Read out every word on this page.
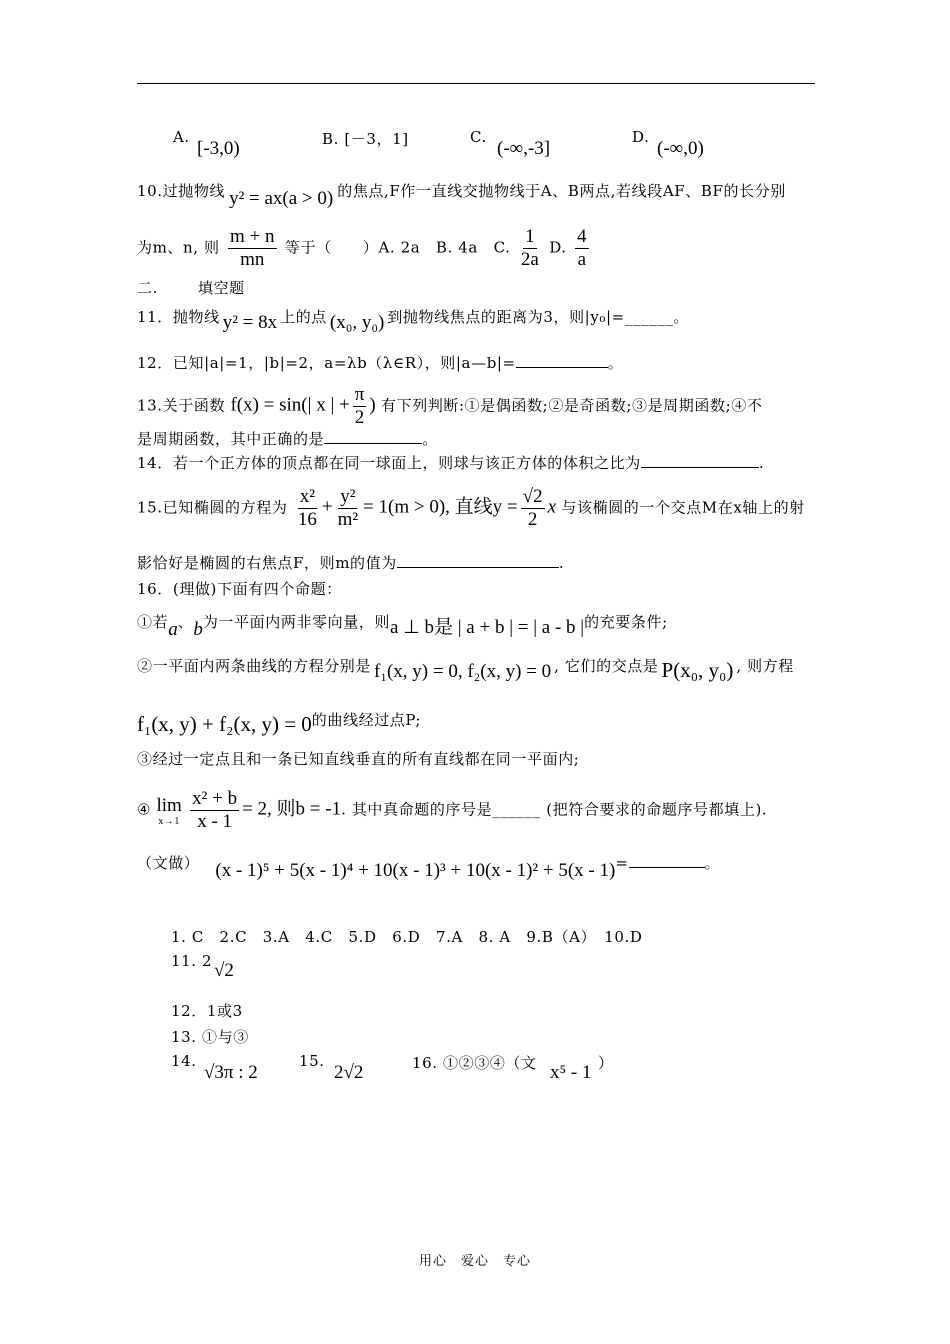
A.
[-3,0)	B. [－3，1]	C.
(-∞,-3]
D.
(-∞,0)
10.过抛物线 y² = ax(a > 0) 的焦点,F作一直线交抛物线于A、B两点,若线段AF、BF的长分别
为m、n, 则 $\frac{m + n}{mn}$ 等于（　　）A. 2a　B. 4a　C. $\frac{1}{2a} D$. $\frac{4}{a}$
二.	填空题
11．抛物线 y² = 8x 上的点 (x₀, y₀) 到抛物线焦点的距离为3，则|y₀|=______。
12．已知|a|=1，|b|=2，a=λb（λ∈R），则|a—b|=	。
13.关于函数 f(x) = sin(| x | + $\frac{\pi}{2}$ ) 有下列判断:①是偶函数;②是奇函数;③是周期函数;④不
是周期函数，其中正确的是	。
14．若一个正方体的顶点都在同一球面上，则球与该正方体的体积之比为	.
15.已知椭圆的方程为 $\frac{\text{x²}}{16} + \frac{\text{y²}}{\text{m²}} = 1(m > 0)$, 直线$y = \frac{√2}{2}$ x 与该椭圆的一个交点M在x轴上的射
影恰好是椭圆的右焦点F，则m的值为	.
16．(理做)下面有四个命题：
①若a、b为一平面内两非零向量，则a ⊥ b是 | a + b | = | a - b |的充要条件;
②一平面内两条曲线的方程分别是 f₁(x, y) = 0, f₂(x, y) = 0 , 它们的交点是 P(x₀, y₀) , 则方程
f₁(x, y) + f₂(x, y) = 0的曲线经过点P;
③经过一定点且和一条已知直线垂直的所有直线都在同一平面内;
④ lim
x→1
$\frac{\text{x² + b}}{x - 1} = 2$, 则b = -1. 其中真命题的序号是______ (把符合要求的命题序号都填上).
（文做） (x - 1)⁵ + 5(x - 1)⁴ + 10(x - 1)³ + 10(x - 1)² + 5(x - 1)=	。
1. C　2.C　3.A　4.C　5.D　6.D　7.A　8. A　9.B（A）　10.D
11. 2 √2
12．1或3
13. ①与③
14.
√3π : 2
15.
2√2	16. ①②③④（文 x⁵ - 1 ）
用心　爱心　专心
